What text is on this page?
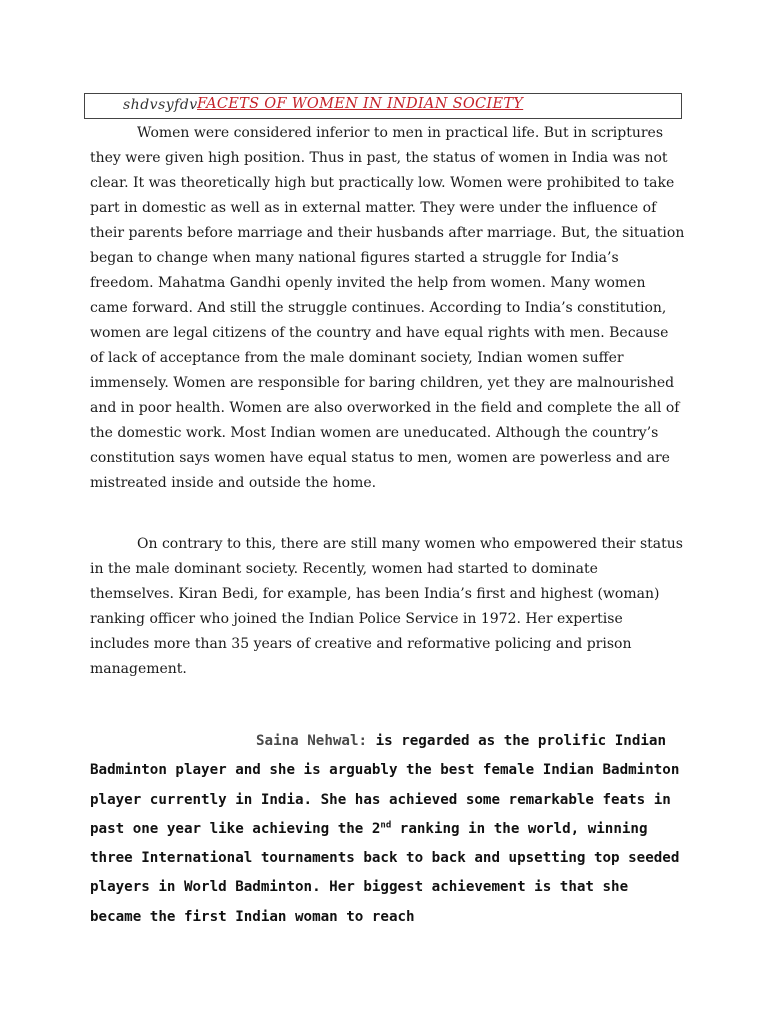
shdvsyfdv FACETS OF WOMEN IN INDIAN SOCIETY

Women were considered inferior to men in practical life. But in scriptures they were given high position. Thus in past, the status of women in India was not clear. It was theoretically high but practically low. Women were prohibited to take part in domestic as well as in external matter. They were under the influence of their parents before marriage and their husbands after marriage. But, the situation began to change when many national figures started a struggle for India’s freedom. Mahatma Gandhi openly invited the help from women. Many women came forward. And still the struggle continues. According to India’s constitution, women are legal citizens of the country and have equal rights with men. Because of lack of acceptance from the male dominant society, Indian women suffer immensely. Women are responsible for baring children, yet they are malnourished and in poor health. Women are also overworked in the field and complete the all of the domestic work. Most Indian women are uneducated. Although the country’s constitution says women have equal status to men, women are powerless and are mistreated inside and outside the home.

On contrary to this, there are still many women who empowered their status in the male dominant society. Recently, women had started to dominate themselves. Kiran Bedi, for example, has been India’s first and highest (woman) ranking officer who joined the Indian Police Service in 1972. Her expertise includes more than 35 years of creative and reformative policing and prison management.

Saina Nehwal: is regarded as the prolific Indian Badminton player and she is arguably the best female Indian Badminton player currently in India. She has achieved some remarkable feats in past one year like achieving the 2nd ranking in the world, winning three International tournaments back to back and upsetting top seeded players in World Badminton. Her biggest achievement is that she became the first Indian woman to reach
